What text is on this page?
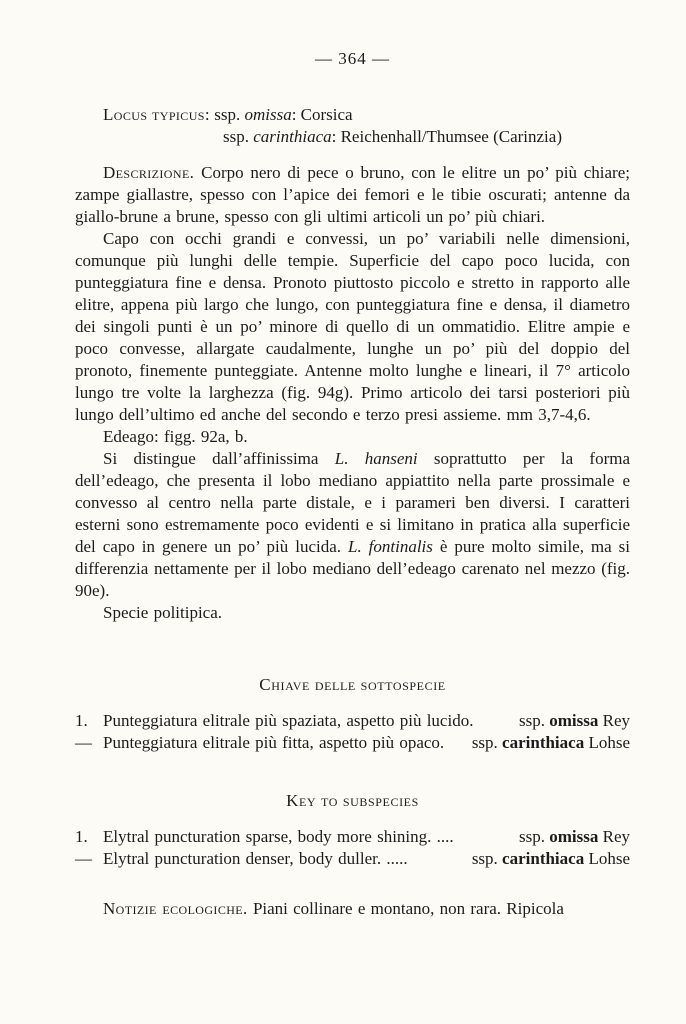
— 364 —
Locus typicus: ssp. omissa: Corsica
ssp. carinthiaca: Reichenhall/Thumsee (Carinzia)

Descrizione. Corpo nero di pece o bruno, con le elitre un po’ più chiare; zampe giallastre, spesso con l’apice dei femori e le tibie oscurati; antenne da giallo-brune a brune, spesso con gli ultimi articoli un po’ più chiari.

Capo con occhi grandi e convessi, un po’ variabili nelle dimensioni, comunque più lunghi delle tempie. Superficie del capo poco lucida, con punteggiatura fine e densa. Pronoto piuttosto piccolo e stretto in rapporto alle elitre, appena più largo che lungo, con punteggiatura fine e densa, il diametro dei singoli punti è un po’ minore di quello di un ommatidio. Elitre ampie e poco convesse, allargate caudalmente, lunghe un po’ più del doppio del pronoto, finemente punteggiate. Antenne molto lunghe e lineari, il 7° articolo lungo tre volte la larghezza (fig. 94g). Primo articolo dei tarsi posteriori più lungo dell’ultimo ed anche del secondo e terzo presi assieme. mm 3,7-4,6.

Edeago: figg. 92a, b.

Si distingue dall’affinissima L. hanseni soprattutto per la forma dell’edeago, che presenta il lobo mediano appiattito nella parte prossimale e convesso al centro nella parte distale, e i parameri ben diversi. I caratteri esterni sono estremamente poco evidenti e si limitano in pratica alla superficie del capo in genere un po’ più lucida. L. fontinalis è pure molto simile, ma si differenzia nettamente per il lobo mediano dell’edeago carenato nel mezzo (fig. 90e).

Specie politipica.

Chiave delle sottospecie
1. Punteggiatura elitrale più spaziata, aspetto più lucido.	ssp. omissa Rey
— Punteggiatura elitrale più fitta, aspetto più opaco.	ssp. carinthiaca Lohse
Key to subspecies
1. Elytral puncturation sparse, body more shining. ....	ssp. omissa Rey
— Elytral puncturation denser, body duller. .....	ssp. carinthiaca Lohse
Notizie ecologiche. Piani collinare e montano, non rara. Ripicola
